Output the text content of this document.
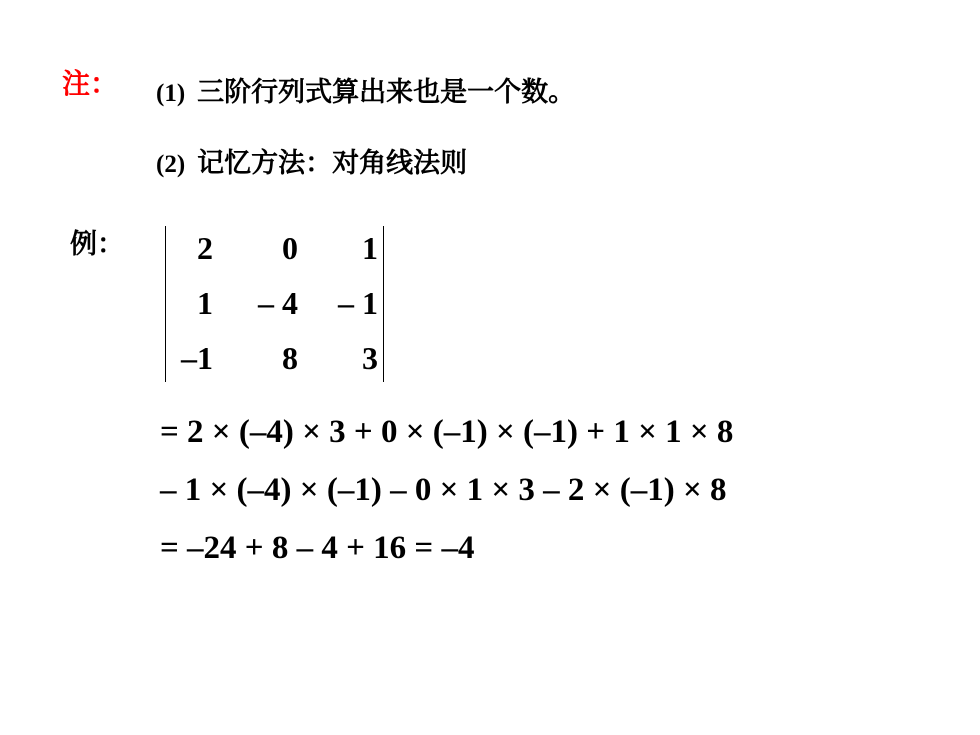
注： (1) 三阶行列式算出来也是一个数。
(2) 记忆方法：对角线法则
例：	2	0	1
1	– 4	– 1
–1	8	3
= 2 × (–4) × 3 + 0 × (–1) × (–1) + 1 × 1 × 8
– 1 × (–4) × (–1) – 0 × 1 × 3 – 2 × (–1) × 8
= –24 + 8 – 4 + 16 = –4
